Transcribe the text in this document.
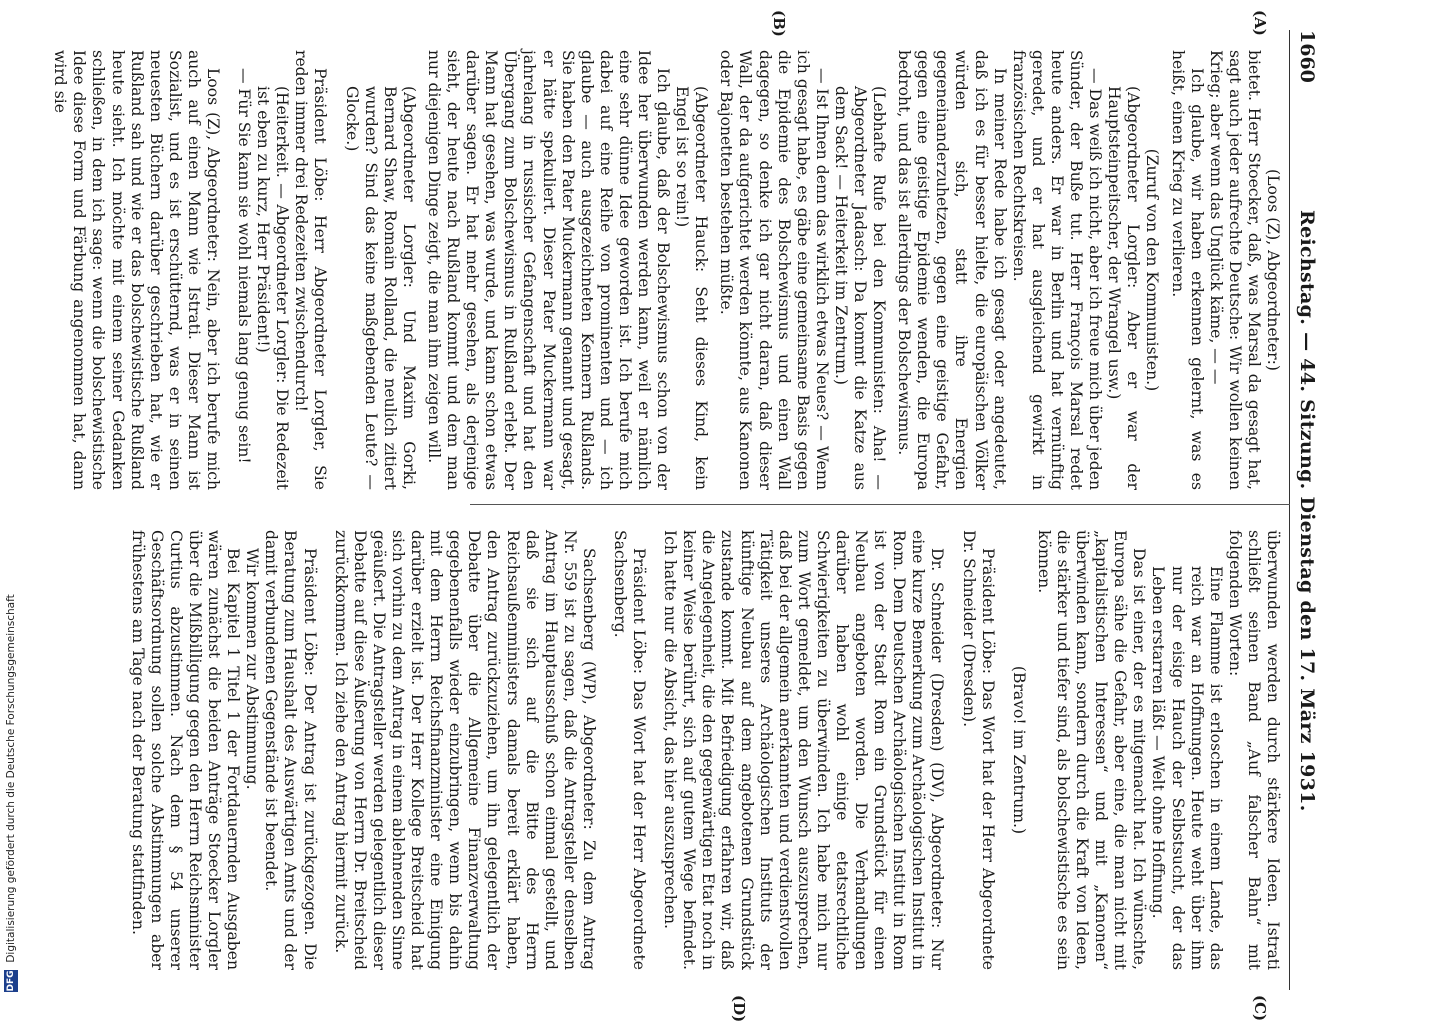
1660
Reichstag. — 44. Sitzung. Dienstag den 17. März 1931.
(A)
(B)
(C)
(D)

(Loos (Z), Abgeordneter:)

bietet. Herr Stoecker, daß, was Marsal da gesagt hat, sagt auch jeder aufrechte Deutsche: Wir wollen keinen Krieg; aber wenn das Unglück käme, — —

Ich glaube, wir haben erkennen gelernt, was es heißt, einen Krieg zu verlieren.

(Zuruf von den Kommunisten.)

(Abgeordneter Lorgler: Aber er war der Hauptsteinpeitscher, der Wrangel usw.)

— Das weiß ich nicht, aber ich freue mich über jeden Sünder, der Buße tut. Herr François Marsal redet heute anders. Er war in Berlin und hat vernünftig geredet, und er hat ausgleichend gewirkt in französischen Rechtskreisen.

In meiner Rede habe ich gesagt oder angedeutet, daß ich es für besser hielte, die europäischen Völker würden sich, statt ihre Energien gegeneinanderzuhetzen, gegen eine geistige Gefahr, gegen eine geistige Epidemie wenden, die Europa bedroht, und das ist allerdings der Bolschewismus.

(Lebhafte Rufe bei den Kommunisten: Aha! — Abgeordneter Jadasch: Da kommt die Katze aus dem Sack! — Heiterkeit im Zentrum.)

— Ist Ihnen denn das wirklich etwas Neues? — Wenn ich gesagt habe, es gäbe eine gemeinsame Basis gegen die Epidemie des Bolschewismus und einen Wall dagegen, so denke ich gar nicht daran, daß dieser Wall, der da aufgerichtet werden könnte, aus Kanonen oder Bajonetten bestehen müßte.

(Abgeordneter Hauck: Seht dieses Kind, kein Engel ist so rein!)

Ich glaube, daß der Bolschewismus schon von der Idee her überwunden werden kann, weil er nämlich eine sehr dünne Idee geworden ist. Ich berufe mich dabei auf eine Reihe von prominenten und — ich glaube — auch ausgezeichneten Kennern Rußlands. Sie haben den Pater Muckermann genannt und gesagt, er hätte spekuliert. Dieser Pater Muckermann war jahrelang in russischer Gefangenschaft und hat den Übergang zum Bolschewismus in Rußland erlebt. Der Mann hat gesehen, was wurde, und kann schon etwas darüber sagen. Er hat mehr gesehen, als derjenige sieht, der heute nach Rußland kommt und dem man nur diejenigen Dinge zeigt, die man ihm zeigen will.

(Abgeordneter Lorgler: Und Maxim Gorki, Bernard Shaw, Romain Rolland, die neulich zitiert wurden? Sind das keine maßgebenden Leute? — Glocke.)

Präsident Löbe: Herr Abgeordneter Lorgler, Sie reden immer drei Redezeiten zwischendurch!

(Heiterkeit. — Abgeordneter Lorgler: Die Redezeit ist eben zu kurz, Herr Präsident!)

— Für Sie kann sie wohl niemals lang genug sein!

Loos (Z), Abgeordneter: Nein, aber ich berufe mich auch auf einen Mann wie Istrati. Dieser Mann ist Sozialist, und es ist erschütternd, was er in seinen neuesten Büchern darüber geschrieben hat, wie er Rußland sah und wie er das bolschewistische Rußland heute sieht. Ich möchte mit einem seiner Gedanken schließen, in dem ich sage: wenn die bolschewistische Idee diese Form und Färbung angenommen hat, dann wird sie

überwunden werden durch stärkere Ideen. Istrati schließt seinen Band „Auf falscher Bahn“ mit folgenden Worten:

Eine Flamme ist erloschen in einem Lande, das reich war an Hoffnungen. Heute weht über ihm nur der eisige Hauch der Selbstsucht, der das Leben erstarren läßt — Welt ohne Hoffnung.

Das ist einer, der es mitgemacht hat. Ich wünschte, Europa sähe die Gefahr, aber eine, die man nicht mit „kapitalistischen Interessen“ und mit „Kanonen“ überwinden kann, sondern durch die Kraft von Ideen, die stärker und tiefer sind, als bolschewistische es sein können.

(Bravo! im Zentrum.)

Präsident Löbe: Das Wort hat der Herr Abgeordnete Dr. Schneider (Dresden).

Dr. Schneider (Dresden) (DV), Abgeordneter: Nur eine kurze Bemerkung zum Archäologischen Institut in Rom. Dem Deutschen Archäologischen Institut in Rom ist von der Stadt Rom ein Grundstück für einen Neubau angeboten worden. Die Verhandlungen darüber haben wohl einige etatsrechtliche Schwierigkeiten zu überwinden. Ich habe mich nur zum Wort gemeldet, um den Wunsch auszusprechen, daß bei der allgemein anerkannten und verdienstvollen Tätigkeit unseres Archäologischen Instituts der künftige Neubau auf dem angebotenen Grundstück zustande kommt. Mit Befriedigung erfahren wir, daß die Angelegenheit, die den gegenwärtigen Etat noch in keiner Weise berührt, sich auf gutem Wege befindet. Ich hatte nur die Absicht, das hier auszusprechen.

Präsident Löbe: Das Wort hat der Herr Abgeordnete Sachsenberg.

Sachsenberg (WP), Abgeordneter: Zu dem Antrag Nr. 559 ist zu sagen, daß die Antragsteller denselben Antrag im Hauptausschuß schon einmal gestellt, und daß sie sich auf die Bitte des Herrn Reichsaußenministers damals bereit erklärt haben, den Antrag zurückzuziehen, um ihn gelegentlich der Debatte über die Allgemeine Finanzverwaltung gegebenenfalls wieder einzubringen, wenn bis dahin mit dem Herrn Reichsfinanzminister eine Einigung darüber erzielt ist. Der Herr Kollege Breitscheid hat sich vorhin zu dem Antrag in einem ablehnenden Sinne geäußert. Die Antragsteller werden gelegentlich dieser Debatte auf diese Äußerung von Herrn Dr. Breitscheid zurückkommen. Ich ziehe den Antrag hiermit zurück.

Präsident Löbe: Der Antrag ist zurückgezogen. Die Beratung zum Haushalt des Auswärtigen Amts und der damit verbundenen Gegenstände ist beendet.

Wir kommen zur Abstimmung.

Bei Kapitel 1 Titel 1 der Fortdauernden Ausgaben wären zunächst die beiden Anträge Stoecker Lorgler über die Mißbilligung gegen den Herrn Reichsminister Curtius abzustimmen. Nach dem § 54 unserer Geschäftsordnung sollen solche Abstimmungen aber frühestens am Tage nach der Beratung stattfinden.

DFG Digitalisierung gefördert durch die Deutsche Forschungsgemeinschaft
